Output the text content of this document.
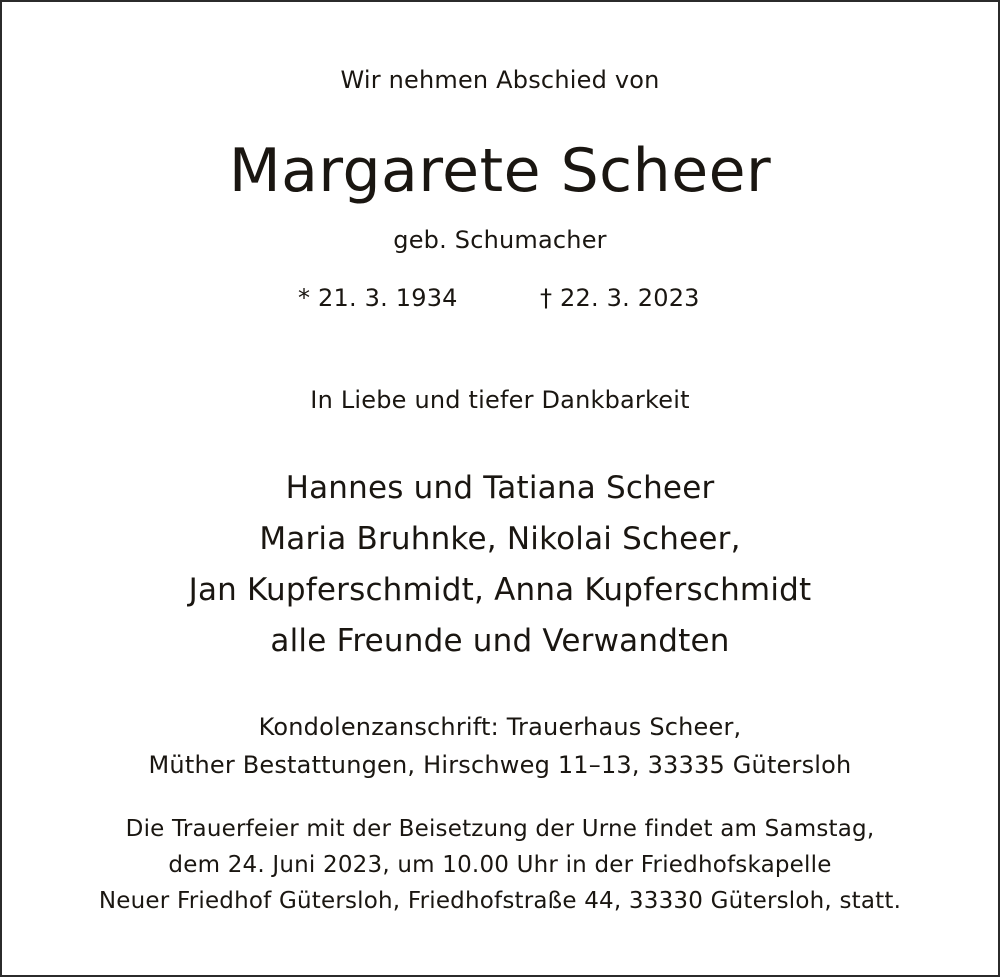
Wir nehmen Abschied von
Margarete Scheer
geb. Schumacher
* 21. 3. 1934	† 22. 3. 2023
In Liebe und tiefer Dankbarkeit
Hannes und Tatiana Scheer
Maria Bruhnke, Nikolai Scheer,
Jan Kupferschmidt, Anna Kupferschmidt
alle Freunde und Verwandten
Kondolenzanschrift: Trauerhaus Scheer,
Müther Bestattungen, Hirschweg 11–13, 33335 Gütersloh
Die Trauerfeier mit der Beisetzung der Urne findet am Samstag,
dem 24. Juni 2023, um 10.00 Uhr in der Friedhofskapelle
Neuer Friedhof Gütersloh, Friedhofstraße 44, 33330 Gütersloh, statt.
